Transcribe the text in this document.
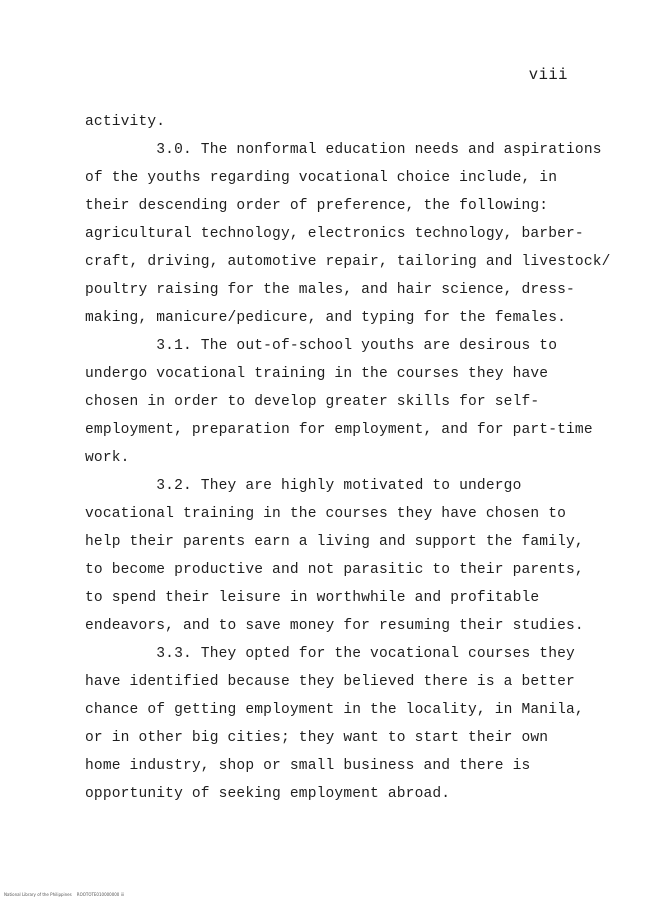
viii
activity.
3.0. The nonformal education needs and aspirations
of the youths regarding vocational choice include, in
their descending order of preference, the following:
agricultural technology, electronics technology, barber-
craft, driving, automotive repair, tailoring and livestock/
poultry raising for the males, and hair science, dress-
making, manicure/pedicure, and typing for the females.
3.1. The out-of-school youths are desirous to
undergo vocational training in the courses they have
chosen in order to develop greater skills for self-
employment, preparation for employment, and for part-time
work.
3.2. They are highly motivated to undergo
vocational training in the courses they have chosen to
help their parents earn a living and support the family,
to become productive and not parasitic to their parents,
to spend their leisure in worthwhile and profitable
endeavors, and to save money for resuming their studies.
3.3. They opted for the vocational courses they
have identified because they believed there is a better
chance of getting employment in the locality, in Manila,
or in other big cities; they want to start their own
home industry, shop or small business and there is
opportunity of seeking employment abroad.
National Library of the Philippines    ROOTOTE010000000 iii
